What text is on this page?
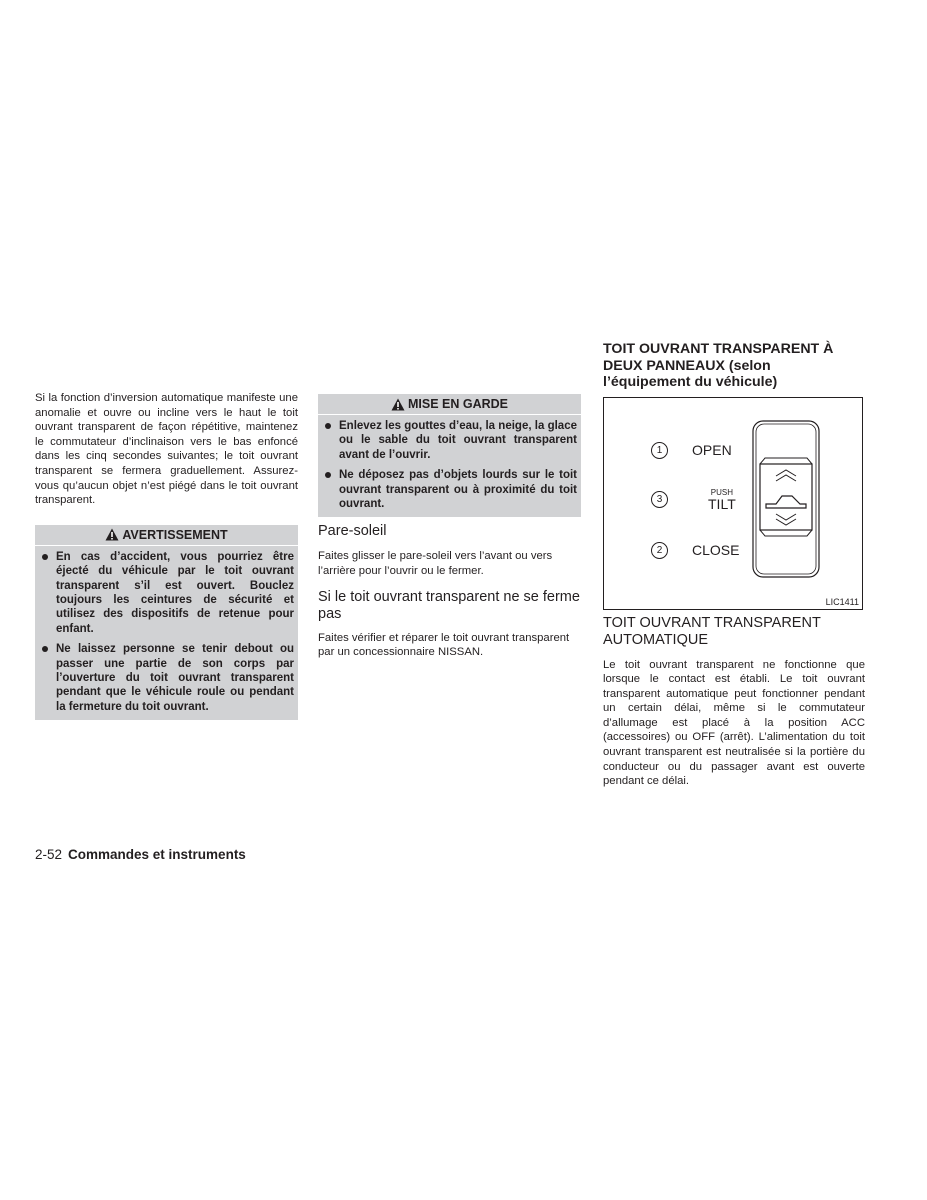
Si la fonction d’inversion automatique manifeste une anomalie et ouvre ou incline vers le haut le toit ouvrant transparent de façon répétitive, maintenez le commutateur d’inclinaison vers le bas enfoncé dans les cinq secondes suivantes; le toit ouvrant transparent se fermera graduellement. Assurez-vous qu’aucun objet n’est piégé dans le toit ouvrant transparent.

AVERTISSEMENT
En cas d’accident, vous pourriez être éjecté du véhicule par le toit ouvrant transparent s’il est ouvert. Bouclez toujours les ceintures de sécurité et utilisez des dispositifs de retenue pour enfant.
Ne laissez personne se tenir debout ou passer une partie de son corps par l’ouverture du toit ouvrant transparent pendant que le véhicule roule ou pendant la fermeture du toit ouvrant.
MISE EN GARDE
Enlevez les gouttes d’eau, la neige, la glace ou le sable du toit ouvrant transparent avant de l’ouvrir.
Ne déposez pas d’objets lourds sur le toit ouvrant transparent ou à proximité du toit ouvrant.
Pare-soleil

Faites glisser le pare-soleil vers l’avant ou vers l’arrière pour l’ouvrir ou le fermer.

Si le toit ouvrant transparent ne se ferme pas

Faites vérifier et réparer le toit ouvrant transparent par un concessionnaire NISSAN.

TOIT OUVRANT TRANSPARENT À DEUX PANNEAUX (selon l’équipement du véhicule)
1	OPEN
3
PUSH
TILT
2	CLOSE
LIC1411
TOIT OUVRANT TRANSPARENT AUTOMATIQUE

Le toit ouvrant transparent ne fonctionne que lorsque le contact est établi. Le toit ouvrant transparent automatique peut fonctionner pendant un certain délai, même si le commutateur d’allumage est placé à la position ACC (accessoires) ou OFF (arrêt). L’alimentation du toit ouvrant transparent est neutralisée si la portière du conducteur ou du passager avant est ouverte pendant ce délai.

2-52 Commandes et instruments
